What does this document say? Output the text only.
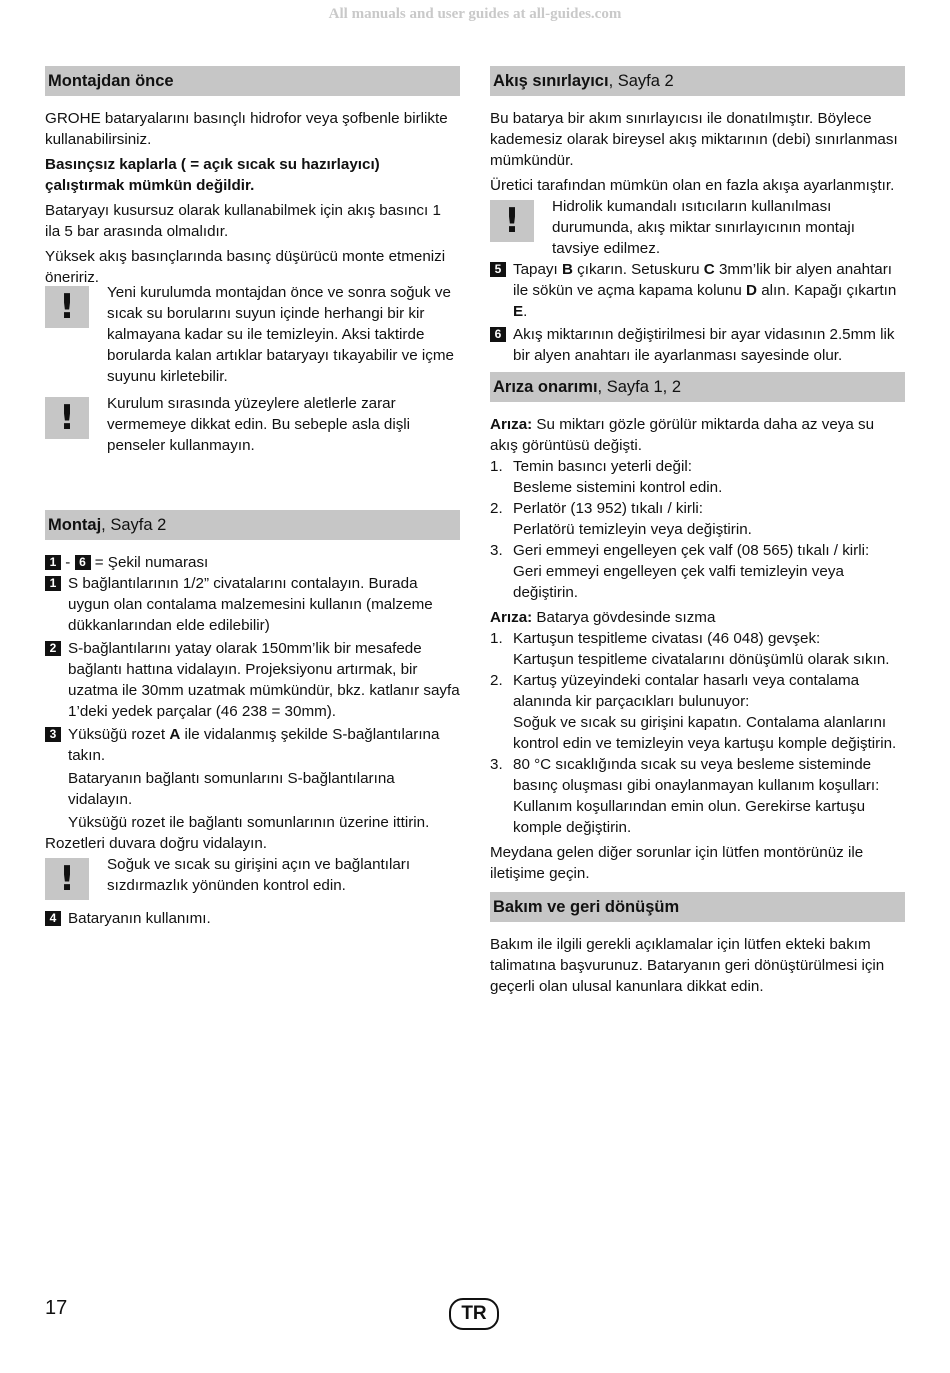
All manuals and user guides at all-guides.com
Montajdan önce

GROHE bataryalarını basınçlı hidrofor veya şofbenle birlikte kullanabilirsiniz.

Basınçsız kaplarla ( = açık sıcak su hazırlayıcı) çalıştırmak mümkün değildir.

Bataryayı kusursuz olarak kullanabilmek için akış basıncı 1 ila 5 bar arasında olmalıdır.

Yüksek akış basınçlarında basınç düşürücü monte etmenizi öneririz.

!	Yeni kurulumda montajdan önce ve sonra soğuk ve sıcak su borularını suyun içinde herhangi bir kir kalmayana kadar su ile temizleyin. Aksi taktirde borularda kalan artıklar bataryayı tıkayabilir ve içme suyunu kirletebilir.
!	Kurulum sırasında yüzeylere aletlerle zarar vermemeye dikkat edin. Bu sebeple asla dişli penseler kullanmayın.
Montaj, Sayfa 2

1 - 6 = Şekil numarası

1 S bağlantılarının 1/2” civatalarını contalayın. Burada uygun olan contalama malzemesini kullanın (malzeme dükkanlarından elde edilebilir)
2 S-bağlantılarını yatay olarak 150mm’lik bir mesafede bağlantı hattına vidalayın. Projeksiyonu artırmak, bir uzatma ile 30mm uzatmak mümkündür, bkz. katlanır sayfa 1’deki yedek parçalar (46 238 = 30mm).
3 Yüksüğü rozet A ile vidalanmış şekilde S-bağlantılarına takın.

Bataryanın bağlantı somunlarını S-bağlantılarına vidalayın.

Yüksüğü rozet ile bağlantı somunlarının üzerine ittirin. Rozetleri duvara doğru vidalayın.

!	Soğuk ve sıcak su girişini açın ve bağlantıları sızdırmazlık yönünden kontrol edin.
4 Bataryanın kullanımı.
Akış sınırlayıcı, Sayfa 2

Bu batarya bir akım sınırlayıcısı ile donatılmıştır. Böylece kademesiz olarak bireysel akış miktarının (debi) sınırlanması mümkündür.

Üretici tarafından mümkün olan en fazla akışa ayarlanmıştır.

!	Hidrolik kumandalı ısıtıcıların kullanılması durumunda, akış miktar sınırlayıcının montajı tavsiye edilmez.
5 Tapayı B çıkarın. Setuskuru C 3mm’lik bir alyen anahtarı ile sökün ve açma kapama kolunu D alın. Kapağı çıkartın E.
6 Akış miktarının değiştirilmesi bir ayar vidasının 2.5mm lik bir alyen anahtarı ile ayarlanması sayesinde olur.
Arıza onarımı, Sayfa 1, 2

Arıza: Su miktarı gözle görülür miktarda daha az veya su akış görüntüsü değişti.

1. Temin basıncı yeterli değil:
Besleme sistemini kontrol edin.
2. Perlatör (13 952) tıkalı / kirli:
Perlatörü temizleyin veya değiştirin.
3. Geri emmeyi engelleyen çek valf (08 565) tıkalı / kirli:
Geri emmeyi engelleyen çek valfi temizleyin veya değiştirin.

Arıza: Batarya gövdesinde sızma

1. Kartuşun tespitleme civatası (46 048) gevşek:
Kartuşun tespitleme civatalarını dönüşümlü olarak sıkın.
2. Kartuş yüzeyindeki contalar hasarlı veya contalama alanında kir parçacıkları bulunuyor:
Soğuk ve sıcak su girişini kapatın. Contalama alanlarını kontrol edin ve temizleyin veya kartuşu komple değiştirin.
3. 80 °C sıcaklığında sıcak su veya besleme sisteminde basınç oluşması gibi onaylanmayan kullanım koşulları:
Kullanım koşullarından emin olun. Gerekirse kartuşu komple değiştirin.

Meydana gelen diğer sorunlar için lütfen montörünüz ile iletişime geçin.

Bakım ve geri dönüşüm

Bakım ile ilgili gerekli açıklamalar için lütfen ekteki bakım talimatına başvurunuz. Bataryanın geri dönüştürülmesi için geçerli olan ulusal kanunlara dikkat edin.

17	TR
